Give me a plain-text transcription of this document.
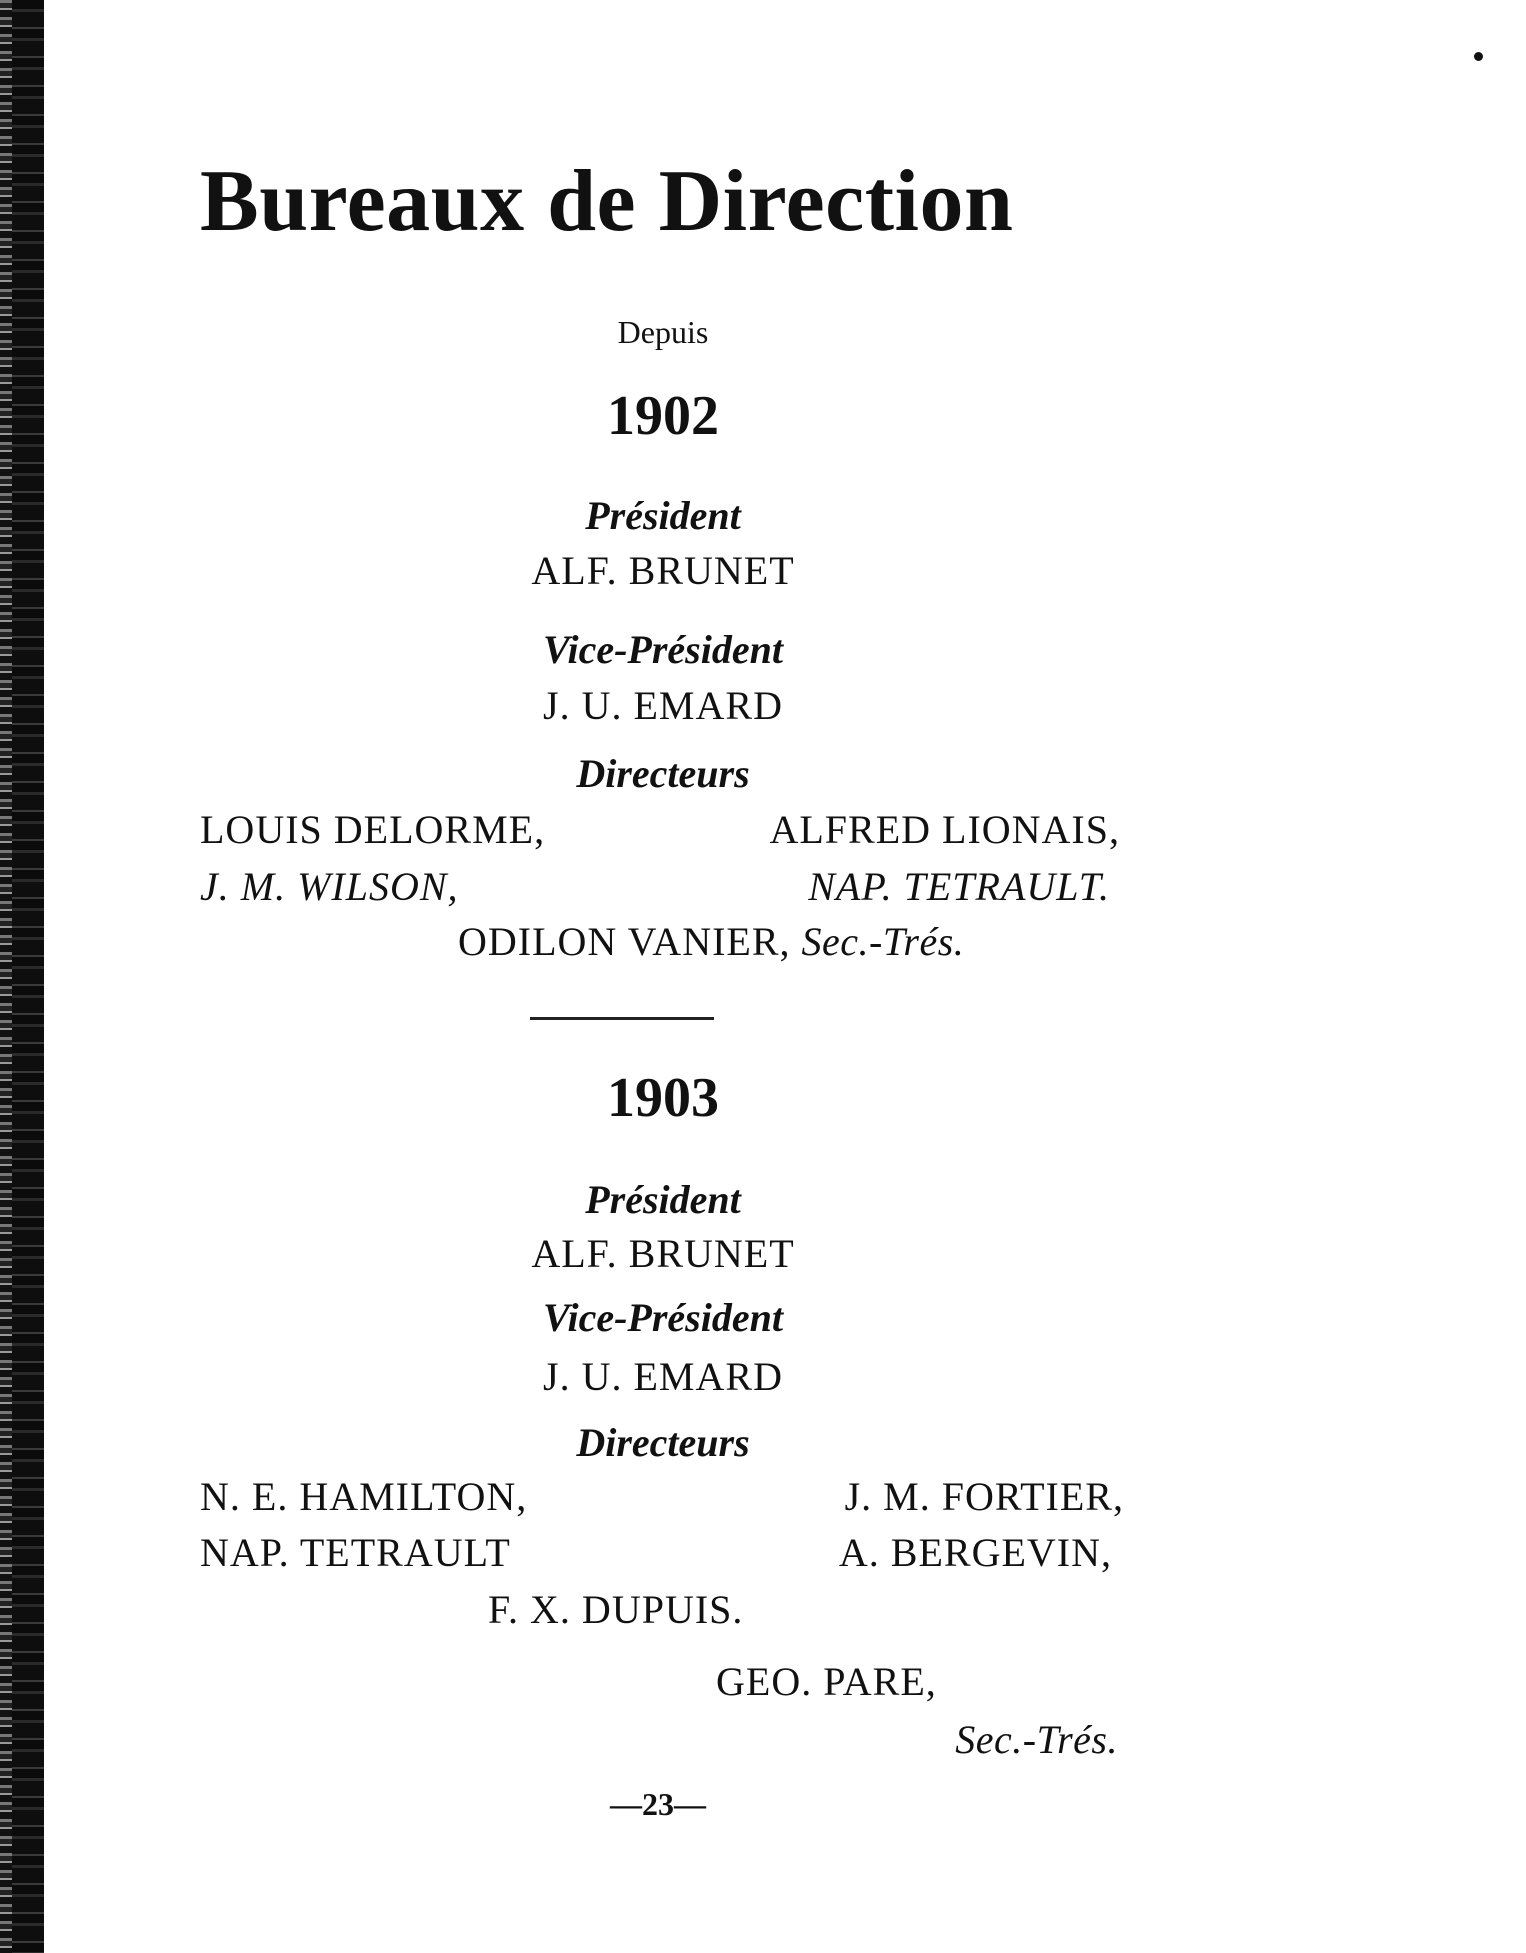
Bureaux de Direction
Depuis
1902
Président
ALF. BRUNET
Vice-Président
J. U. EMARD
Directeurs
LOUIS DELORME,	ALFRED LIONAIS,
J. M. WILSON,	NAP. TETRAULT.
ODILON VANIER, Sec.-Trés.
1903
Président
ALF. BRUNET
Vice-Président
J. U. EMARD
Directeurs
N. E. HAMILTON,	J. M. FORTIER,
NAP. TETRAULT	A. BERGEVIN,
F. X. DUPUIS.
GEO. PARE,
Sec.-Trés.
—23—
